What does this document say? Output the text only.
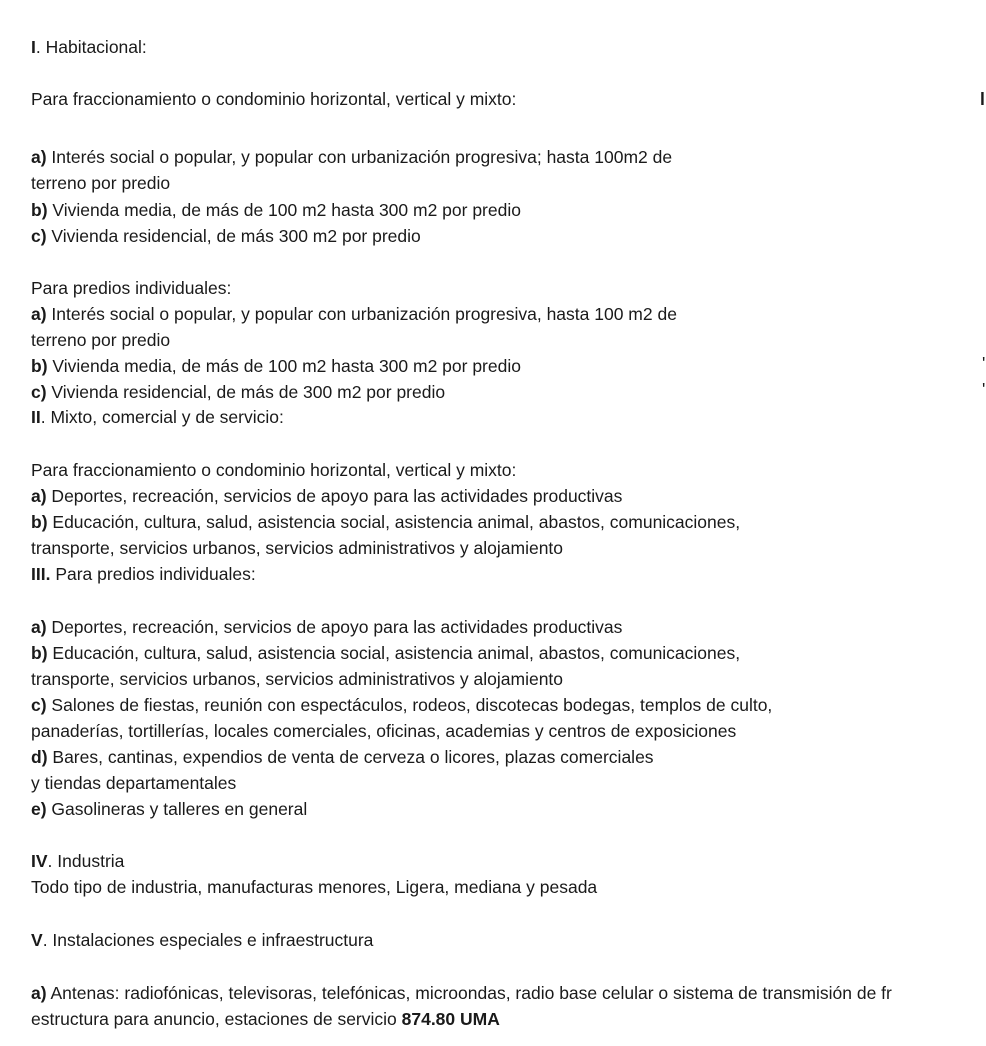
I. Habitacional:
Para fraccionamiento o condominio horizontal, vertical y mixto:
a) Interés social o popular, y popular con urbanización progresiva; hasta 100m2 de
terreno por predio
b) Vivienda media, de más de 100 m2 hasta 300 m2 por predio
c) Vivienda residencial, de más 300 m2 por predio
Para predios individuales:
a) Interés social o popular, y popular con urbanización progresiva, hasta 100 m2 de
terreno por predio
b) Vivienda media, de más de 100 m2 hasta 300 m2 por predio
c) Vivienda residencial, de más de 300 m2 por predio
II. Mixto, comercial y de servicio:
Para fraccionamiento o condominio horizontal, vertical y mixto:
a) Deportes, recreación, servicios de apoyo para las actividades productivas
b) Educación, cultura, salud, asistencia social, asistencia animal, abastos, comunicaciones,
transporte, servicios urbanos, servicios administrativos y alojamiento
III. Para predios individuales:
a) Deportes, recreación, servicios de apoyo para las actividades productivas
b) Educación, cultura, salud, asistencia social, asistencia animal, abastos, comunicaciones,
transporte, servicios urbanos, servicios administrativos y alojamiento
c) Salones de fiestas, reunión con espectáculos, rodeos, discotecas bodegas, templos de culto,
panaderías, tortillerías, locales comerciales, oficinas, academias y centros de exposiciones
d) Bares, cantinas, expendios de venta de cerveza o licores, plazas comerciales
y tiendas departamentales
e) Gasolineras y talleres en general
IV. Industria
Todo tipo de industria, manufacturas menores, Ligera, mediana y pesada
V. Instalaciones especiales e infraestructura
a) Antenas: radiofónicas, televisoras, telefónicas, microondas, radio base celular o sistema de transmisión de fr
estructura para anuncio, estaciones de servicio 874.80 UMA
l
'
'
